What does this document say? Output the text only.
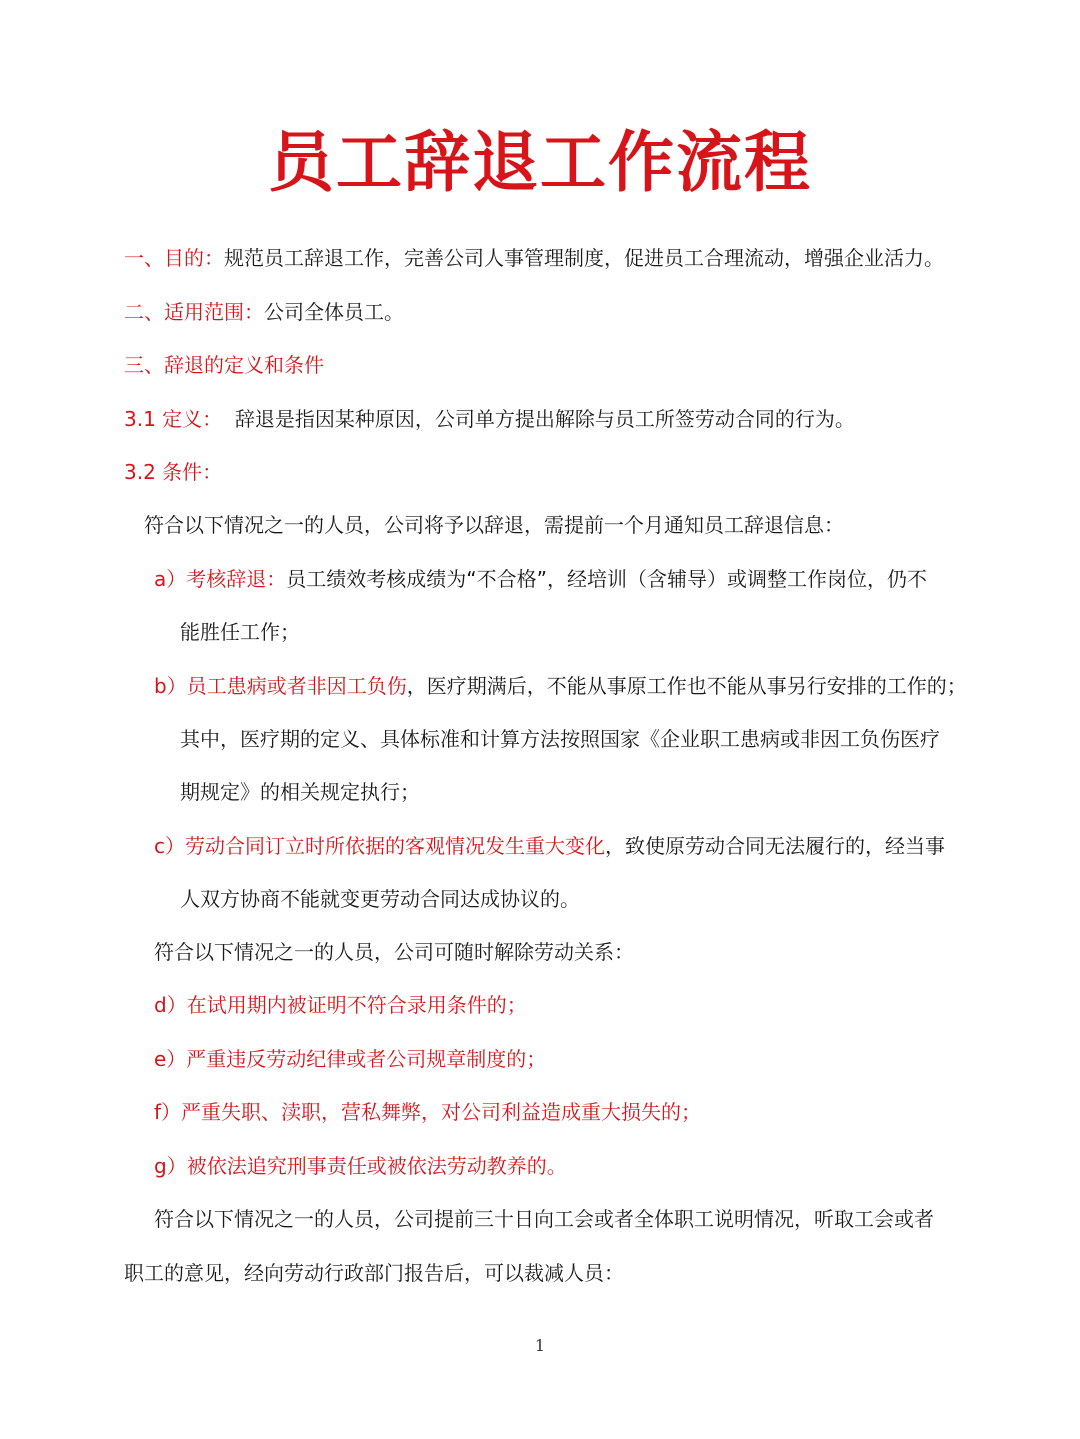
员工辞退工作流程
一、目的：规范员工辞退工作，完善公司人事管理制度，促进员工合理流动，增强企业活力。
二、适用范围：公司全体员工。
三、辞退的定义和条件
3.1 定义： 辞退是指因某种原因，公司单方提出解除与员工所签劳动合同的行为。
3.2 条件：
符合以下情况之一的人员，公司将予以辞退，需提前一个月通知员工辞退信息：
a）考核辞退：员工绩效考核成绩为“不合格”，经培训（含辅导）或调整工作岗位，仍不
能胜任工作；
b）员工患病或者非因工负伤，医疗期满后，不能从事原工作也不能从事另行安排的工作的；
其中，医疗期的定义、具体标准和计算方法按照国家《企业职工患病或非因工负伤医疗
期规定》的相关规定执行；
c）劳动合同订立时所依据的客观情况发生重大变化，致使原劳动合同无法履行的，经当事
人双方协商不能就变更劳动合同达成协议的。
符合以下情况之一的人员，公司可随时解除劳动关系：
d）在试用期内被证明不符合录用条件的；
e）严重违反劳动纪律或者公司规章制度的；
f）严重失职、渎职，营私舞弊，对公司利益造成重大损失的；
g）被依法追究刑事责任或被依法劳动教养的。
符合以下情况之一的人员，公司提前三十日向工会或者全体职工说明情况，听取工会或者
职工的意见，经向劳动行政部门报告后，可以裁减人员：
1
